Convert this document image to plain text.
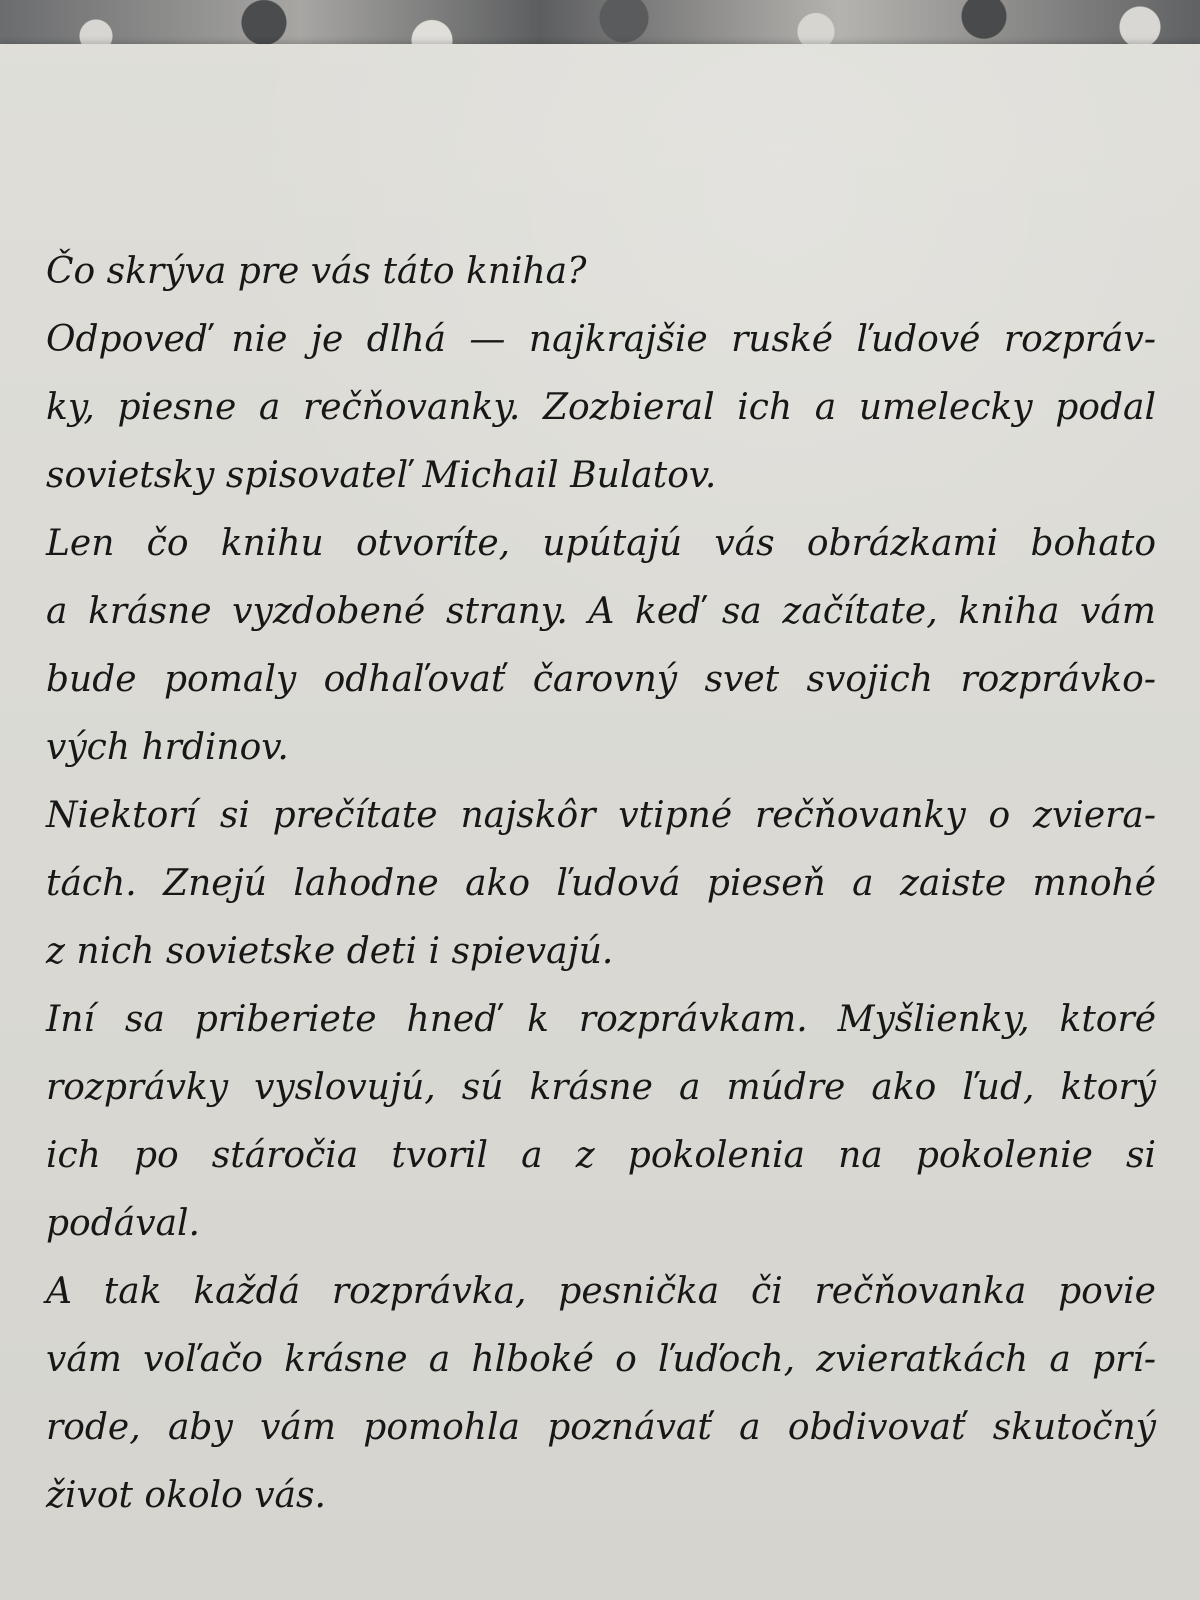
Čo skrýva pre vás táto kniha?
Odpoveď nie je dlhá — najkrajšie ruské ľudové rozpráv-
ky, piesne a rečňovanky. Zozbieral ich a umelecky podal
sovietsky spisovateľ Michail Bulatov.
Len čo knihu otvoríte, upútajú vás obrázkami bohato
a krásne vyzdobené strany. A keď sa začítate, kniha vám
bude pomaly odhaľovať čarovný svet svojich rozprávko-
vých hrdinov.
Niektorí si prečítate najskôr vtipné rečňovanky o zviera-
tách. Znejú lahodne ako ľudová pieseň a zaiste mnohé
z nich sovietske deti i spievajú.
Iní sa priberiete hneď k rozprávkam. Myšlienky, ktoré
rozprávky vyslovujú, sú krásne a múdre ako ľud, ktorý
ich po stáročia tvoril a z pokolenia na pokolenie si
podával.
A tak každá rozprávka, pesnička či rečňovanka povie
vám voľačo krásne a hlboké o ľuďoch, zvieratkách a prí-
rode, aby vám pomohla poznávať a obdivovať skutočný
život okolo vás.
